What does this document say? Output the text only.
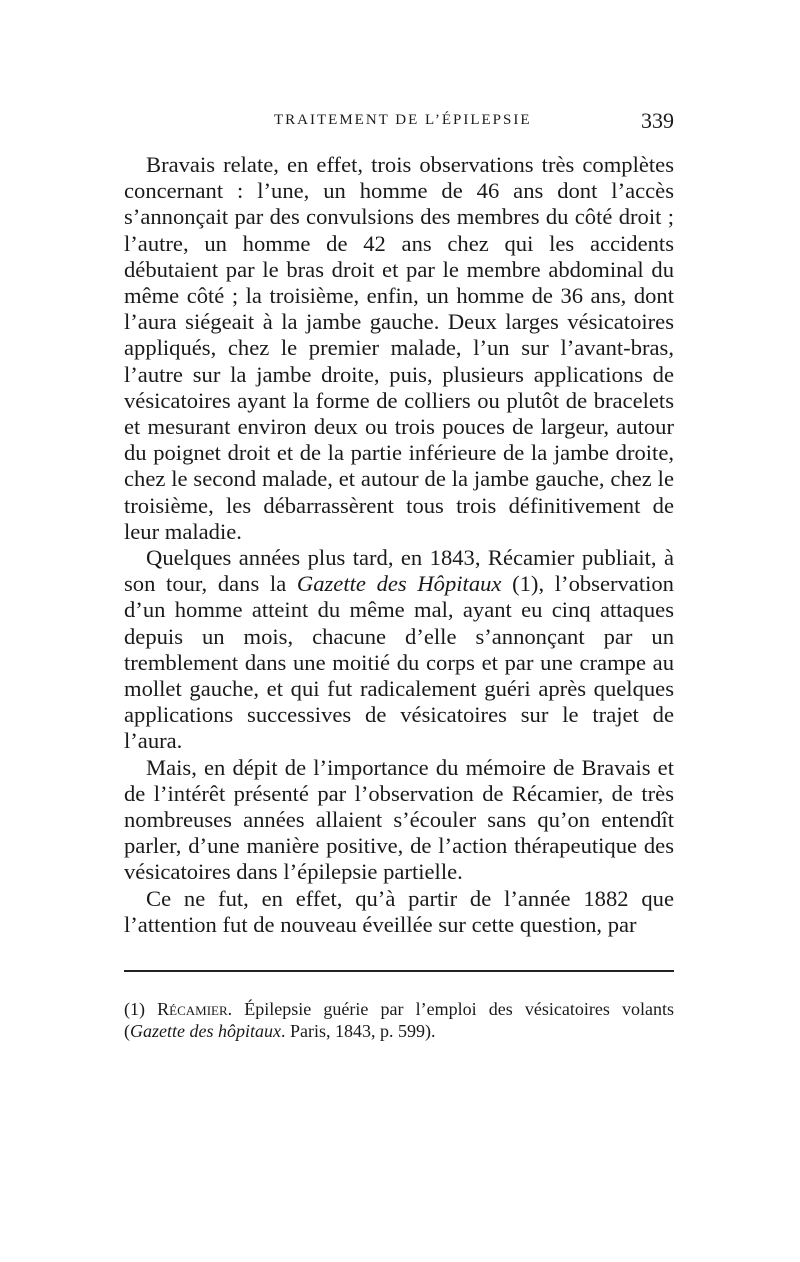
TRAITEMENT DE L’ÉPILEPSIE	339

Bravais relate, en effet, trois observations très complètes concernant : l’une, un homme de 46 ans dont l’accès s’annonçait par des convulsions des membres du côté droit ; l’autre, un homme de 42 ans chez qui les accidents débutaient par le bras droit et par le membre abdominal du même côté ; la troisième, enfin, un homme de 36 ans, dont l’aura siégeait à la jambe gauche. Deux larges vésicatoires appliqués, chez le premier malade, l’un sur l’avant-bras, l’autre sur la jambe droite, puis, plusieurs applications de vésicatoires ayant la forme de colliers ou plutôt de bracelets et mesurant environ deux ou trois pouces de largeur, autour du poignet droit et de la partie inférieure de la jambe droite, chez le second malade, et autour de la jambe gauche, chez le troisième, les débarrassèrent tous trois définitivement de leur maladie.

Quelques années plus tard, en 1843, Récamier publiait, à son tour, dans la Gazette des Hôpitaux (1), l’observation d’un homme atteint du même mal, ayant eu cinq attaques depuis un mois, chacune d’elle s’annonçant par un tremblement dans une moitié du corps et par une crampe au mollet gauche, et qui fut radicalement guéri après quelques applications successives de vésicatoires sur le trajet de l’aura.

Mais, en dépit de l’importance du mémoire de Bravais et de l’intérêt présenté par l’observation de Récamier, de très nombreuses années allaient s’écouler sans qu’on entendît parler, d’une manière positive, de l’action thérapeutique des vésicatoires dans l’épilepsie partielle.

Ce ne fut, en effet, qu’à partir de l’année 1882 que l’attention fut de nouveau éveillée sur cette question, par

(1) Récamier. Épilepsie guérie par l’emploi des vésicatoires volants (Gazette des hôpitaux. Paris, 1843, p. 599).
